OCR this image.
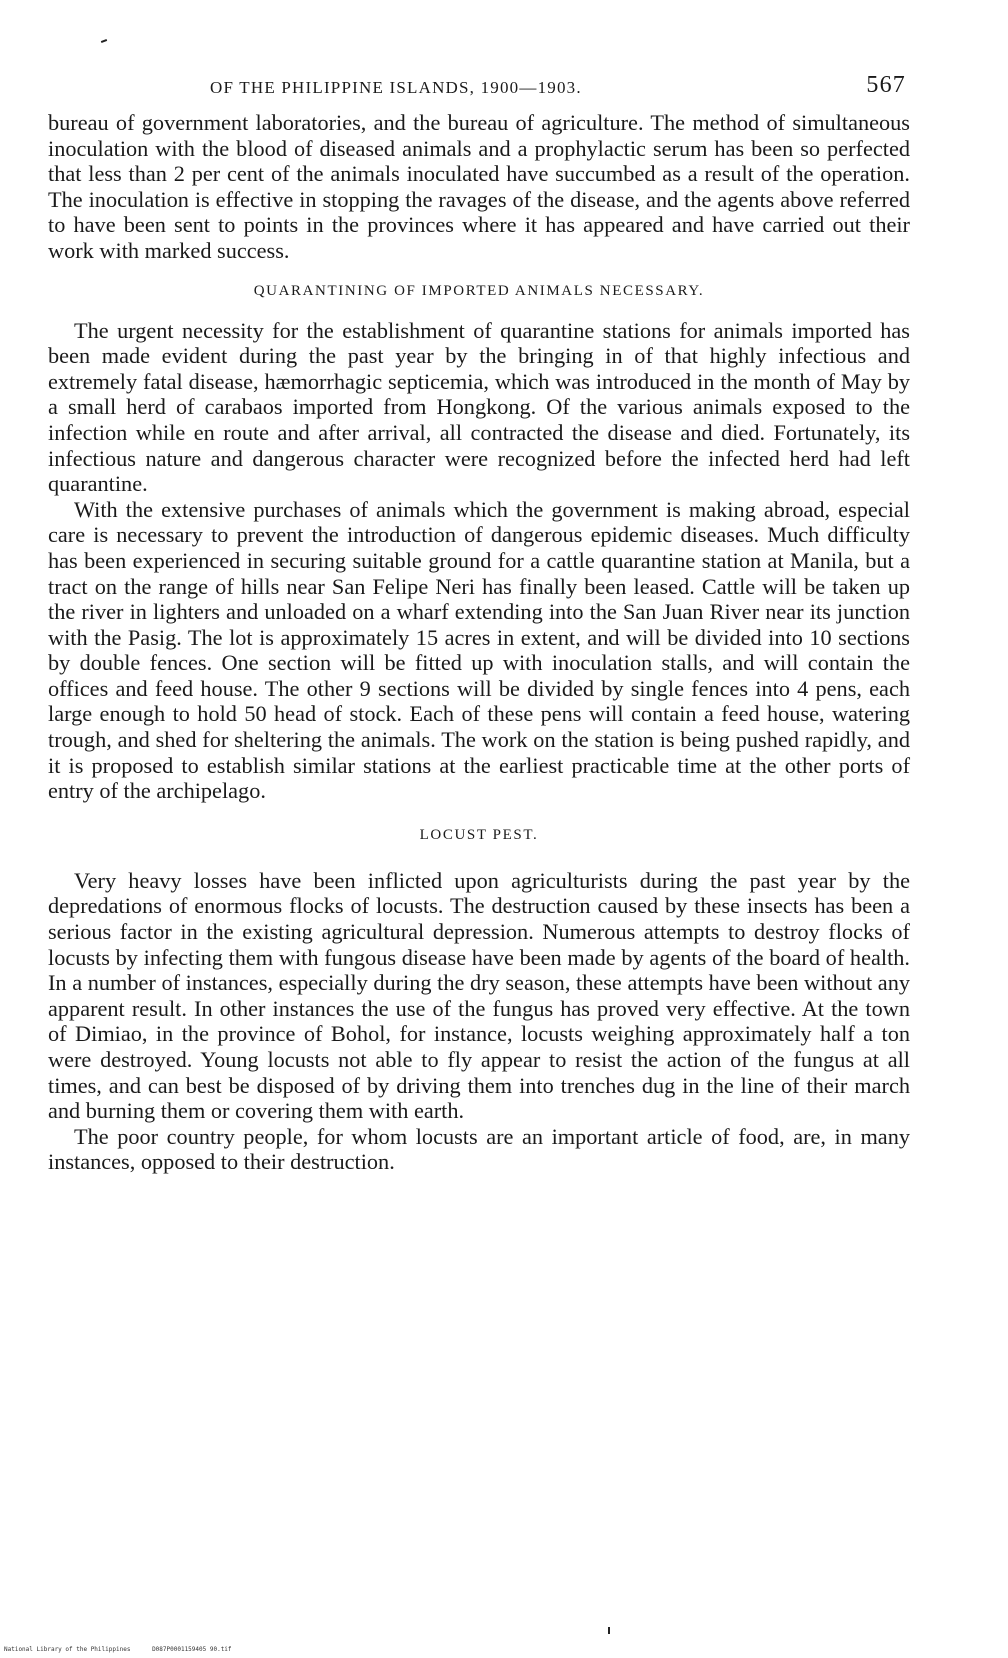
OF THE PHILIPPINE ISLANDS, 1900—1903.	567

bureau of government laboratories, and the bureau of agriculture. The method of simultaneous inoculation with the blood of diseased animals and a prophylactic serum has been so perfected that less than 2 per cent of the animals inoculated have succumbed as a result of the operation. The inoculation is effective in stopping the ravages of the disease, and the agents above referred to have been sent to points in the provinces where it has appeared and have carried out their work with marked success.

QUARANTINING OF IMPORTED ANIMALS NECESSARY.

The urgent necessity for the establishment of quarantine stations for animals imported has been made evident during the past year by the bringing in of that highly infectious and extremely fatal disease, hæmorrhagic septicemia, which was introduced in the month of May by a small herd of carabaos imported from Hongkong. Of the various animals exposed to the infection while en route and after arrival, all contracted the disease and died. Fortunately, its infectious nature and dangerous character were recognized before the infected herd had left quarantine.

With the extensive purchases of animals which the government is making abroad, especial care is necessary to prevent the introduction of dangerous epidemic diseases. Much difficulty has been experienced in securing suitable ground for a cattle quarantine station at Manila, but a tract on the range of hills near San Felipe Neri has finally been leased. Cattle will be taken up the river in lighters and unloaded on a wharf extending into the San Juan River near its junction with the Pasig. The lot is approximately 15 acres in extent, and will be divided into 10 sections by double fences. One section will be fitted up with inoculation stalls, and will contain the offices and feed house. The other 9 sections will be divided by single fences into 4 pens, each large enough to hold 50 head of stock. Each of these pens will contain a feed house, watering trough, and shed for sheltering the animals. The work on the station is being pushed rapidly, and it is proposed to establish similar stations at the earliest practicable time at the other ports of entry of the archipelago.

LOCUST PEST.

Very heavy losses have been inflicted upon agriculturists during the past year by the depredations of enormous flocks of locusts. The destruction caused by these insects has been a serious factor in the existing agricultural depression. Numerous attempts to destroy flocks of locusts by infecting them with fungous disease have been made by agents of the board of health. In a number of instances, especially during the dry season, these attempts have been without any apparent result. In other instances the use of the fungus has proved very effective. At the town of Dimiao, in the province of Bohol, for instance, locusts weighing approximately half a ton were destroyed. Young locusts not able to fly appear to resist the action of the fungus at all times, and can best be disposed of by driving them into trenches dug in the line of their march and burning them or covering them with earth.

The poor country people, for whom locusts are an important article of food, are, in many instances, opposed to their destruction.

National Library of the Philippines	D087P0001159405 90.tif
